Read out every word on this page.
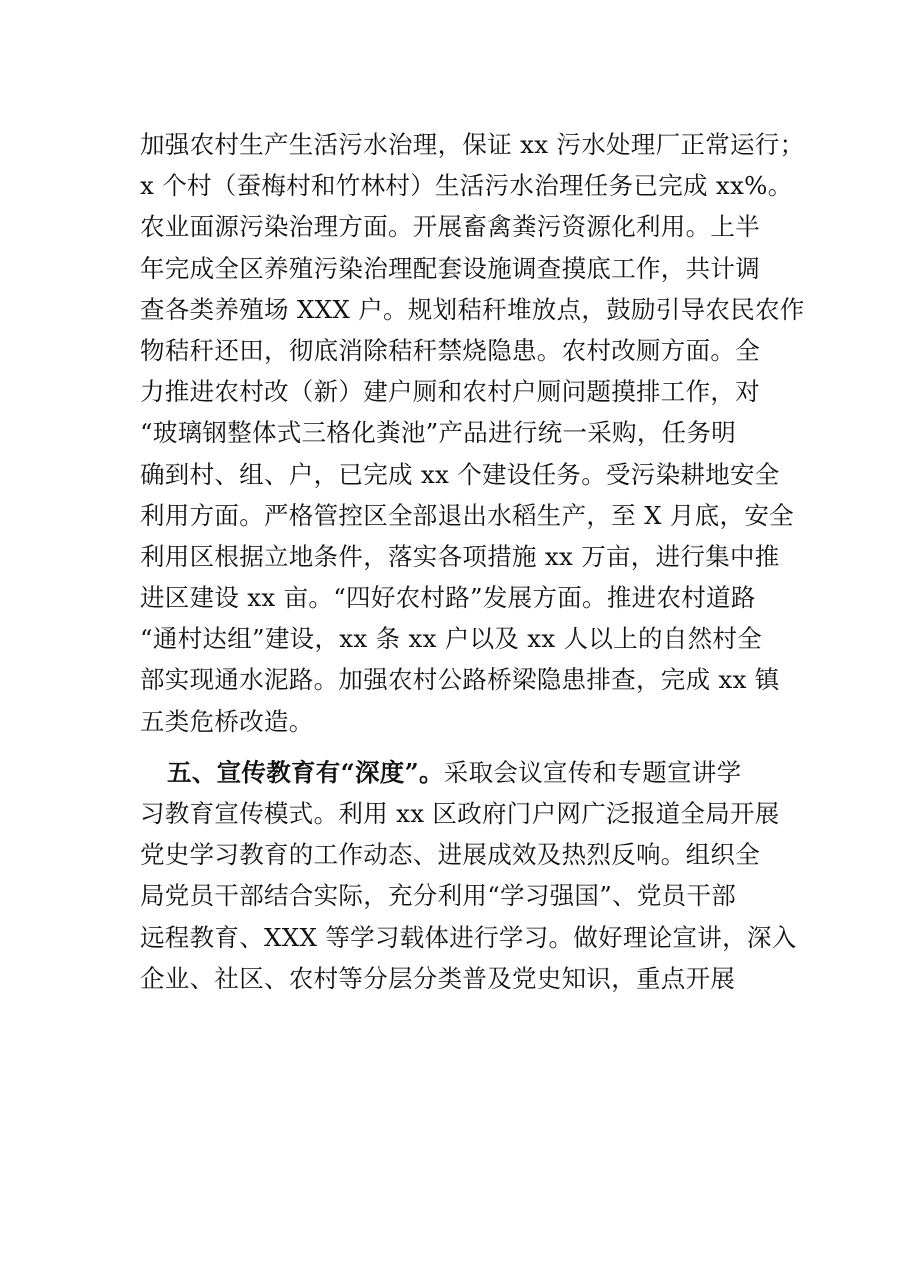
加强农村生产生活污水治理，保证 xx 污水处理厂正常运行；
x 个村（蚕梅村和竹林村）生活污水治理任务已完成 xx%。
农业面源污染治理方面。开展畜禽粪污资源化利用。上半
年完成全区养殖污染治理配套设施调查摸底工作，共计调
查各类养殖场 XXX 户。规划秸秆堆放点，鼓励引导农民农作
物秸秆还田，彻底消除秸秆禁烧隐患。农村改厕方面。全
力推进农村改（新）建户厕和农村户厕问题摸排工作，对
“玻璃钢整体式三格化粪池”产品进行统一采购，任务明
确到村、组、户，已完成 xx 个建设任务。受污染耕地安全
利用方面。严格管控区全部退出水稻生产，至 X 月底，安全
利用区根据立地条件，落实各项措施 xx 万亩，进行集中推
进区建设 xx 亩。“四好农村路”发展方面。推进农村道路
“通村达组”建设，xx 条 xx 户以及 xx 人以上的自然村全
部实现通水泥路。加强农村公路桥梁隐患排查，完成 xx 镇
五类危桥改造。
五、宣传教育有“深度”。采取会议宣传和专题宣讲学
习教育宣传模式。利用 xx 区政府门户网广泛报道全局开展
党史学习教育的工作动态、进展成效及热烈反响。组织全
局党员干部结合实际，充分利用“学习强国”、党员干部
远程教育、XXX 等学习载体进行学习。做好理论宣讲，深入
企业、社区、农村等分层分类普及党史知识，重点开展
